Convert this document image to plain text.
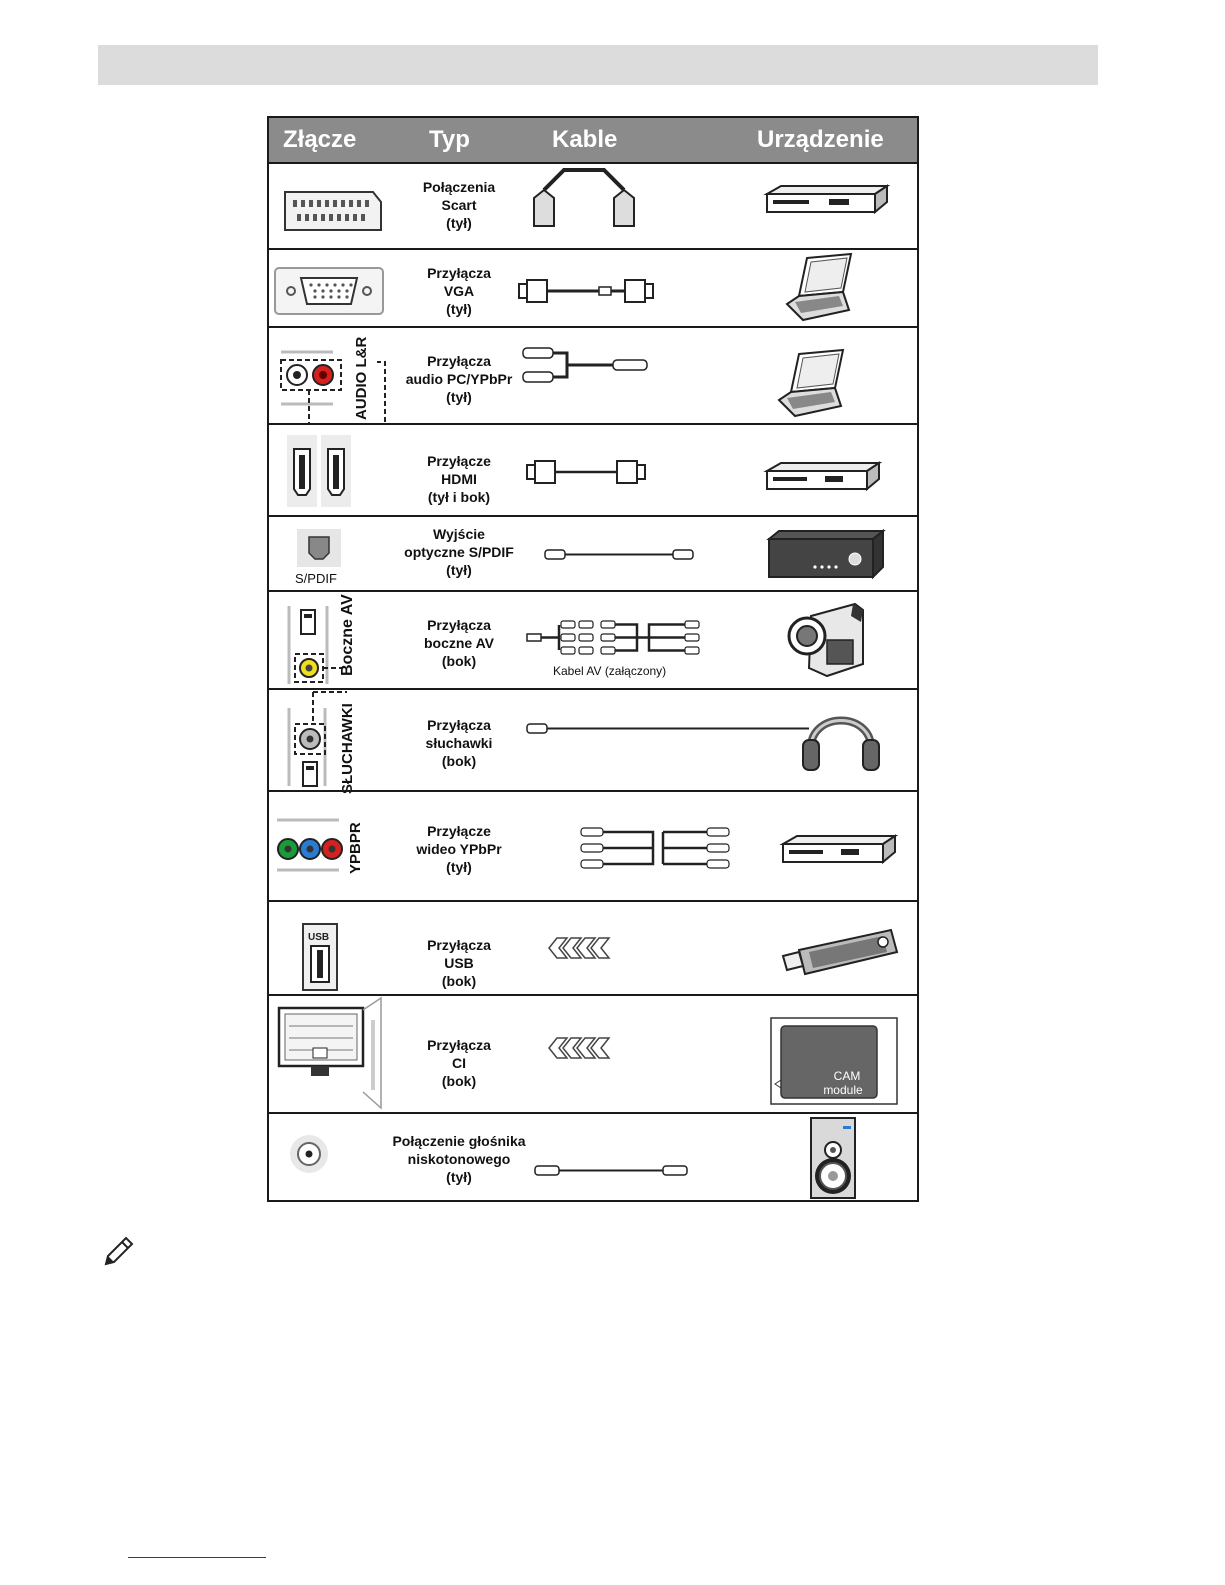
Złącze	Typ	Kable	Urządzenie
Połączenia
Scart
(tył)
Przyłącza
VGA
(tył)
AUDIO L&R	Przyłącza
audio PC/YPbPr
(tył)
Przyłącze
HDMI
(tył i bok)
S/PDIF
Wyjście
optyczne S/PDIF
(tył)
Boczne AV	Przyłącza
boczne AV
(bok)
Kabel AV (załączony)
SŁUCHAWKI	Przyłącza
słuchawki
(bok)
YPBPR	Przyłącze
wideo YPbPr
(tył)
USB	Przyłącza
USB
(bok)
Przyłącza
CI
(bok)	CAM
module
Połączenie głośnika
niskotonowego
(tył)
